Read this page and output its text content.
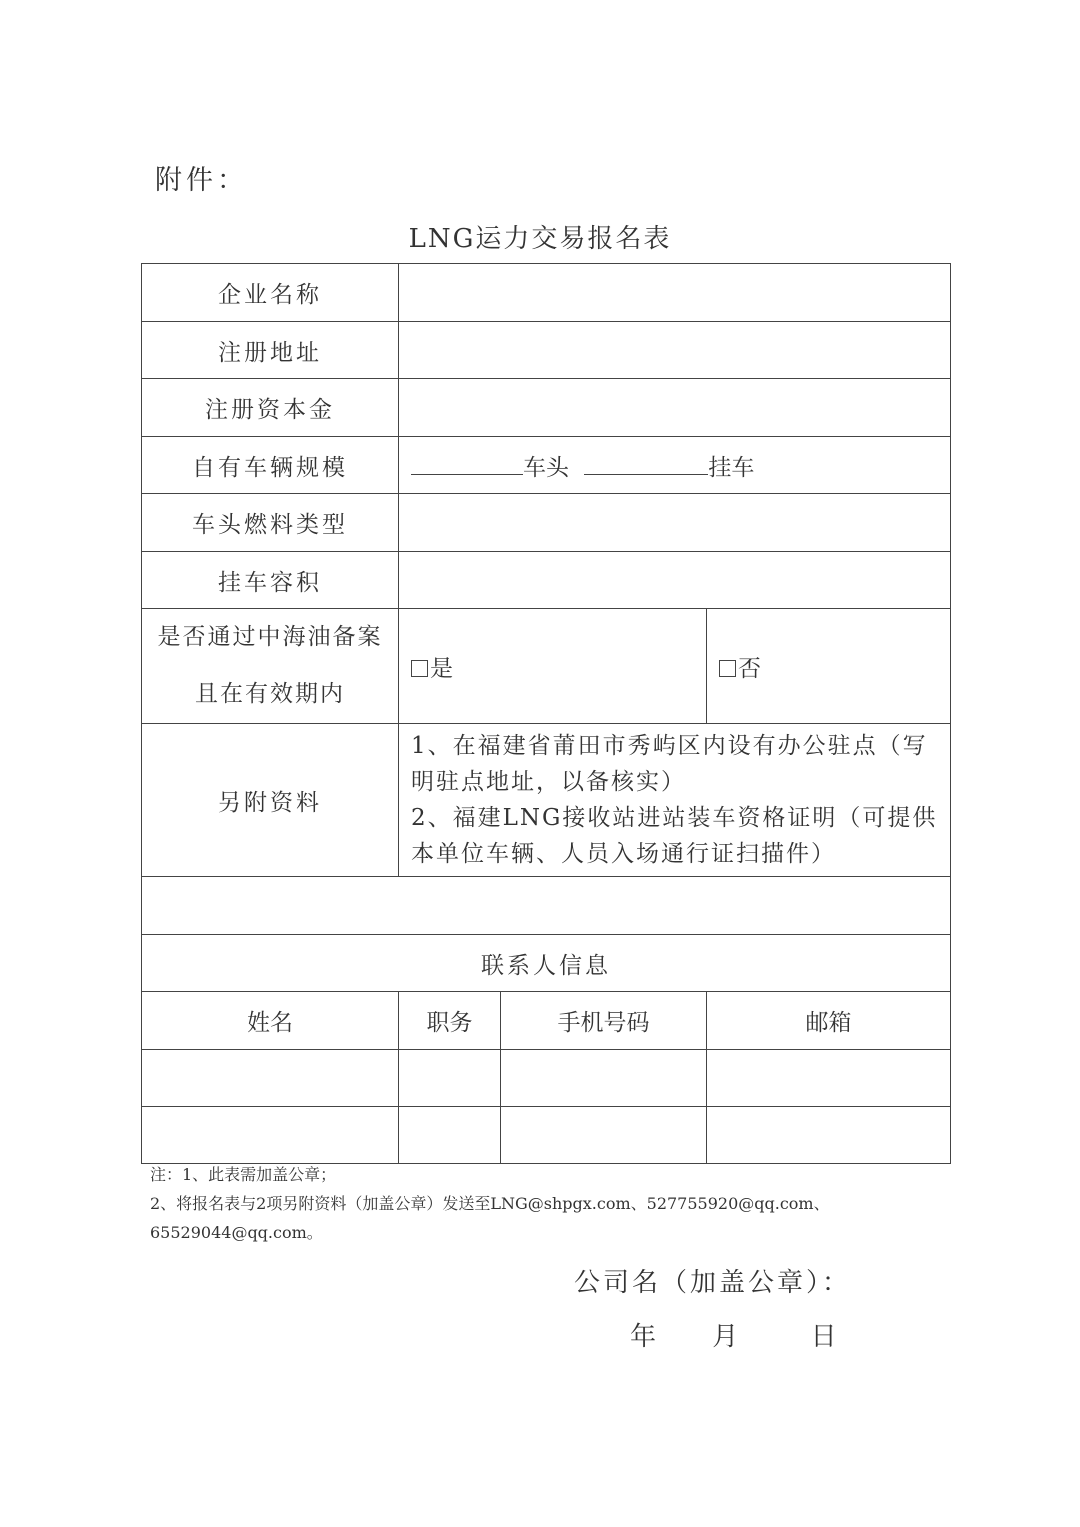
附件：
LNG运力交易报名表
企业名称			
注册地址			
注册资本金			
自有车辆规模	车头 挂车		
车头燃料类型			
挂车容积			

是否通过中海油备案
且在有效期内	是		否
另附资料	1、在福建省莆田市秀屿区内设有办公驻点（写明驻点地址，以备核实）
2、福建LNG接收站进站装车资格证明（可提供本单位车辆、人员入场通行证扫描件）		

联系人信息			
姓名	职务	手机号码	邮箱

注：1、此表需加盖公章；
2、将报名表与2项另附资料（加盖公章）发送至LNG@shpgx.com、527755920@qq.com、65529044@qq.com。
公司名（加盖公章）：
年 月	日
